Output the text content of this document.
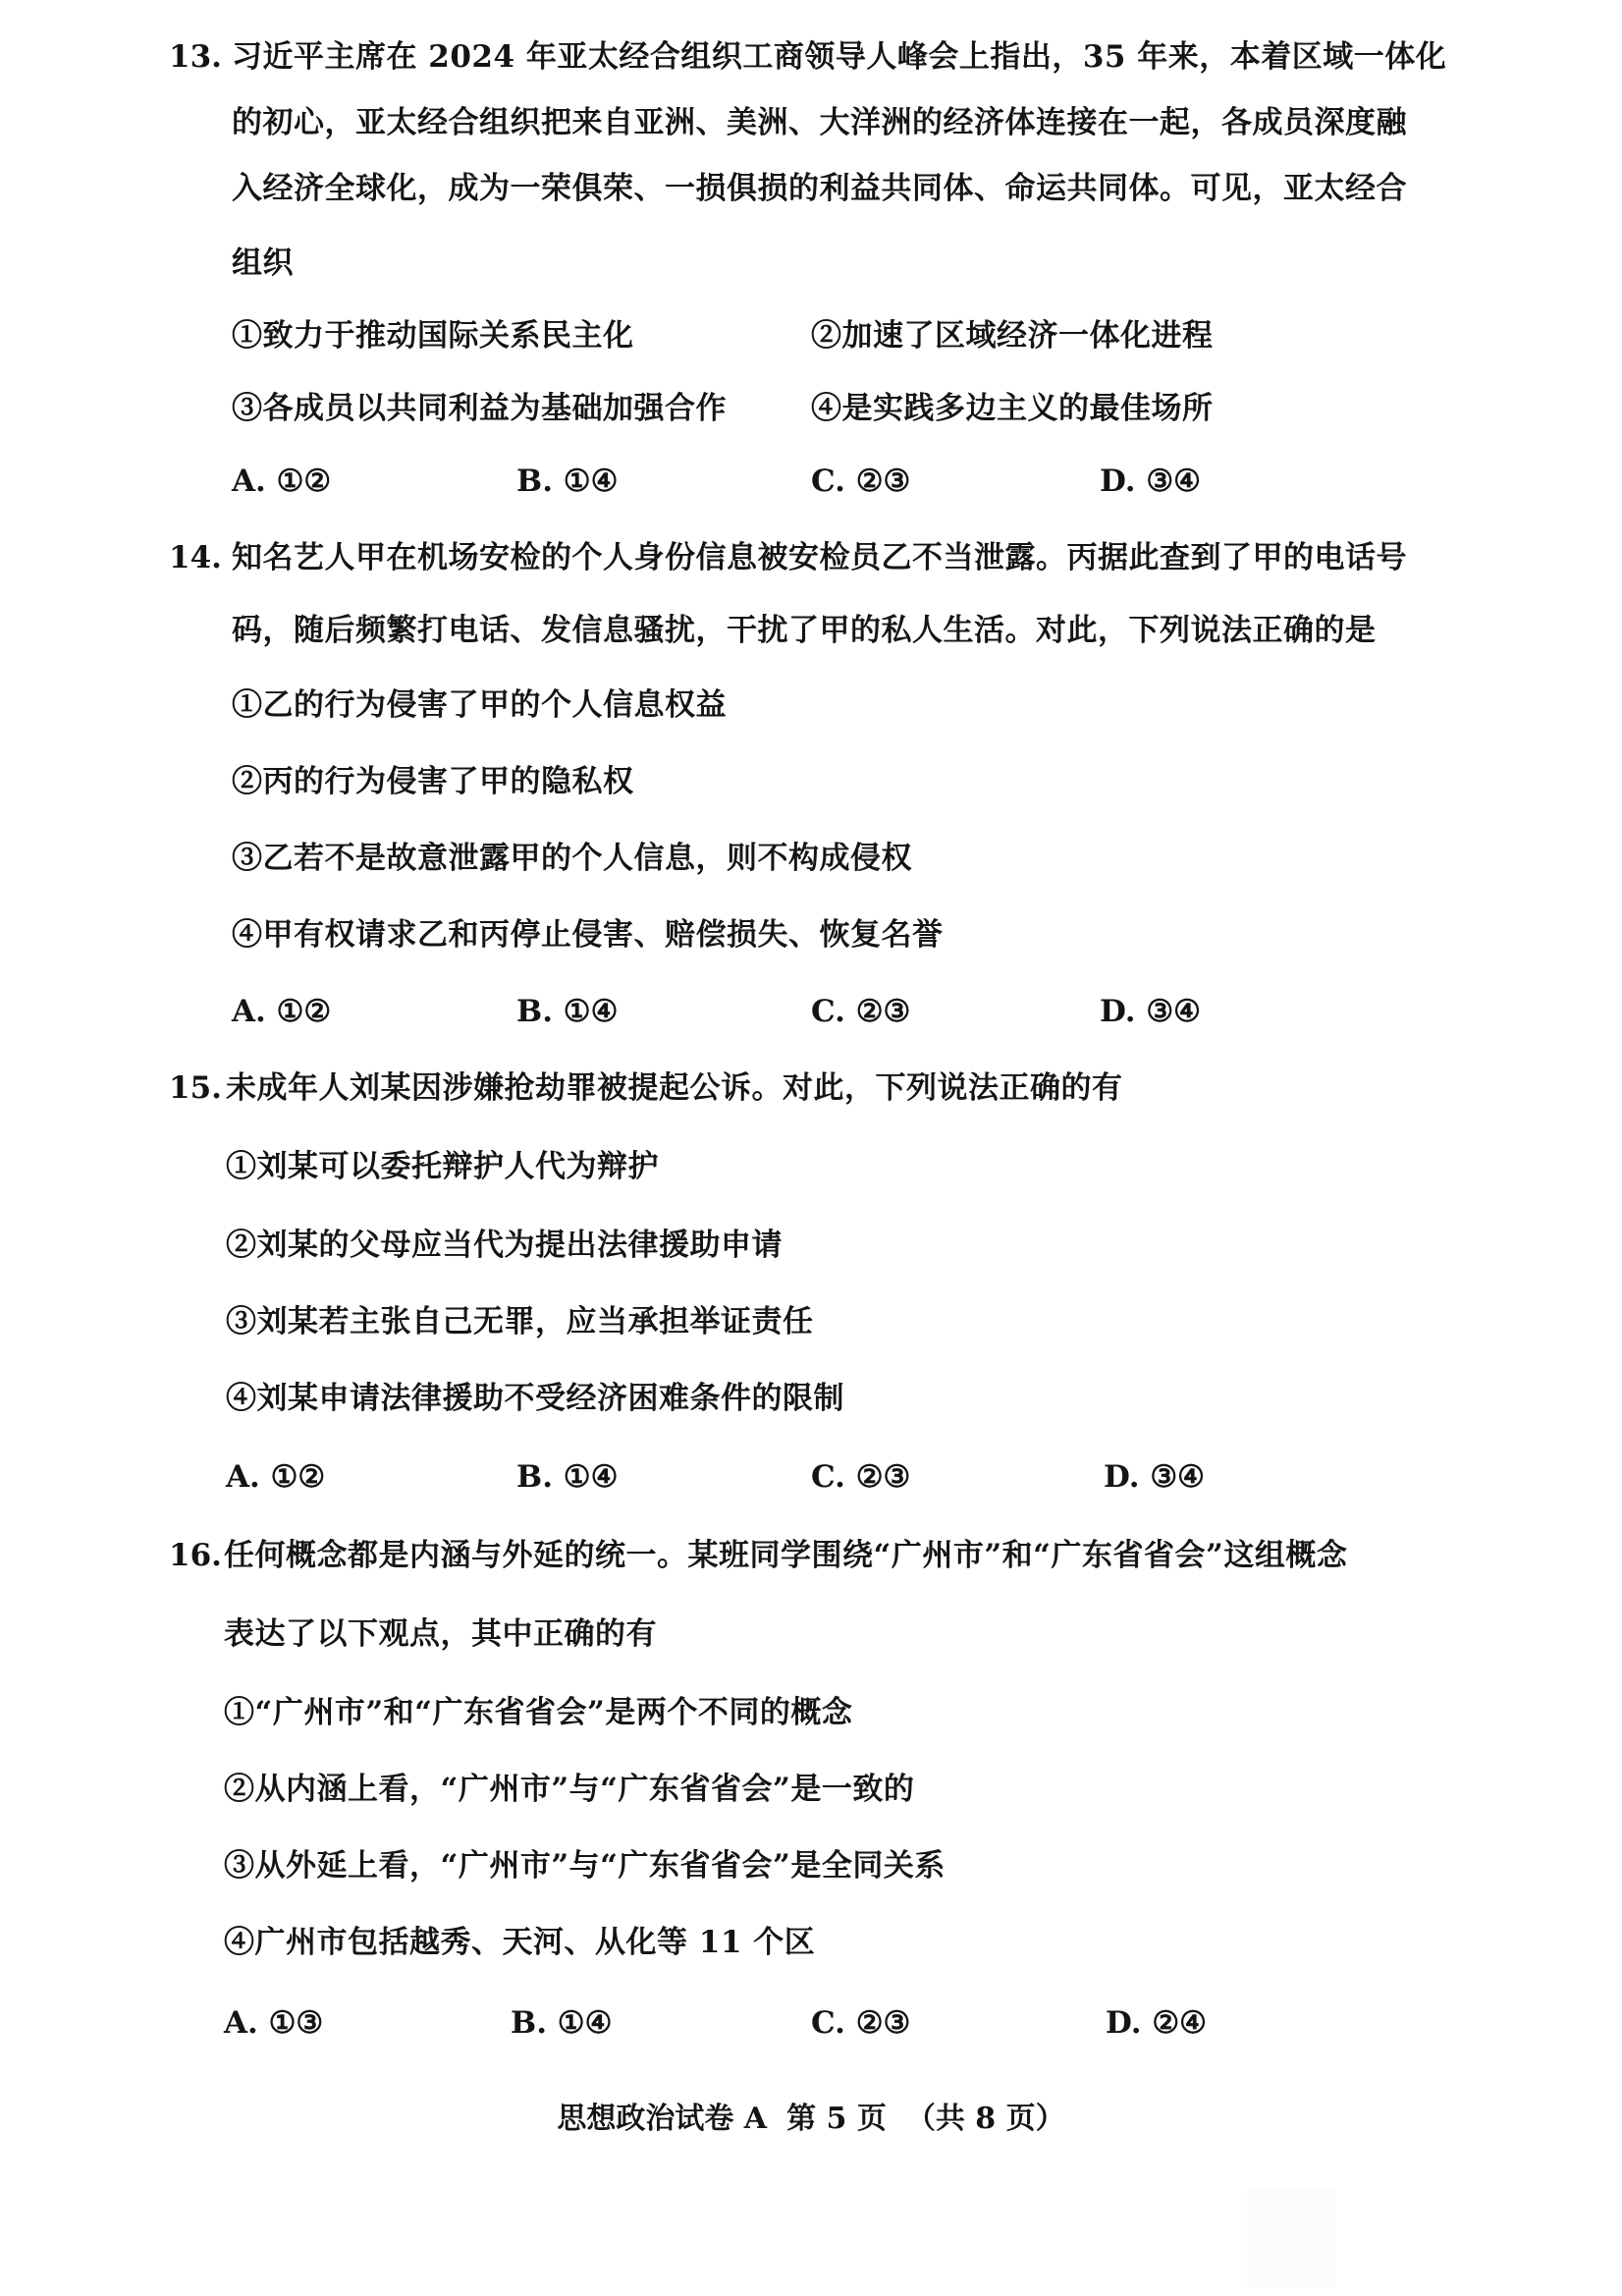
13. 习近平主席在 2024 年亚太经合组织工商领导人峰会上指出，35 年来，本着区域一体化
的初心，亚太经合组织把来自亚洲、美洲、大洋洲的经济体连接在一起，各成员深度融
入经济全球化，成为一荣俱荣、一损俱损的利益共同体、命运共同体。可见，亚太经合
组织
①致力于推动国际关系民主化	②加速了区域经济一体化进程
③各成员以共同利益为基础加强合作	④是实践多边主义的最佳场所
A. ①②	B. ①④	C. ②③	D. ③④
14. 知名艺人甲在机场安检的个人身份信息被安检员乙不当泄露。丙据此查到了甲的电话号
码，随后频繁打电话、发信息骚扰，干扰了甲的私人生活。对此，下列说法正确的是
①乙的行为侵害了甲的个人信息权益
②丙的行为侵害了甲的隐私权
③乙若不是故意泄露甲的个人信息，则不构成侵权
④甲有权请求乙和丙停止侵害、赔偿损失、恢复名誉
A. ①②	B. ①④	C. ②③	D. ③④
15. 未成年人刘某因涉嫌抢劫罪被提起公诉。对此，下列说法正确的有
①刘某可以委托辩护人代为辩护
②刘某的父母应当代为提出法律援助申请
③刘某若主张自己无罪，应当承担举证责任
④刘某申请法律援助不受经济困难条件的限制
A. ①②	B. ①④	C. ②③	D. ③④
16. 任何概念都是内涵与外延的统一。某班同学围绕“广州市”和“广东省省会”这组概念
表达了以下观点，其中正确的有
①“广州市”和“广东省省会”是两个不同的概念
②从内涵上看，“广州市”与“广东省省会”是一致的
③从外延上看，“广州市”与“广东省省会”是全同关系
④广州市包括越秀、天河、从化等 11 个区
A. ①③	B. ①④	C. ②③	D. ②④
思想政治试卷 A 第 5 页 （共 8 页）
